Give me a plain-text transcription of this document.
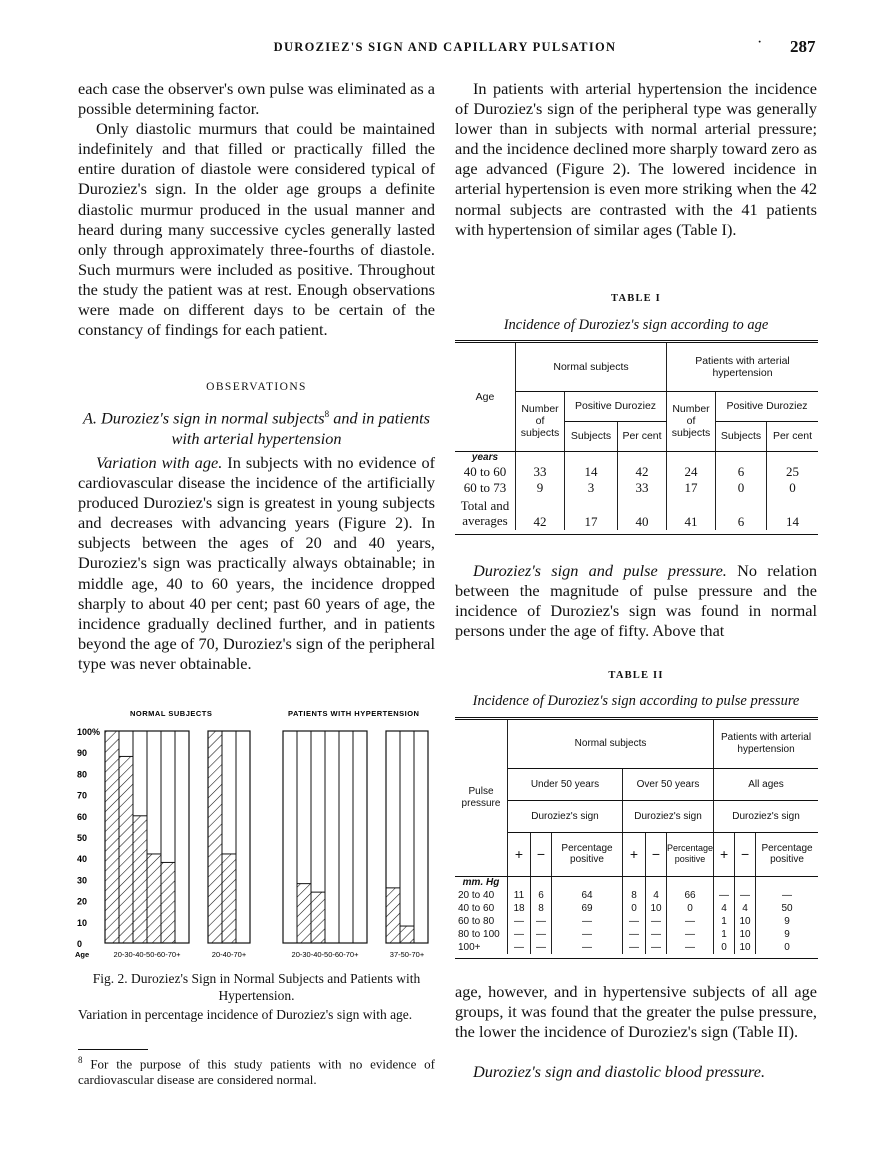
DUROZIEZ'S SIGN AND CAPILLARY PULSATION	· 287

each case the observer's own pulse was eliminated as a possible determining factor.

Only diastolic murmurs that could be maintained indefinitely and that filled or practically filled the entire duration of diastole were considered typical of Duroziez's sign. In the older age groups a definite diastolic murmur produced in the usual manner and heard during many successive cycles generally lasted only through approximately three-fourths of diastole. Such murmurs were included as positive. Throughout the study the patient was at rest. Enough observations were made on different days to be certain of the constancy of findings for each patient.

OBSERVATIONS
A. Duroziez's sign in normal subjects$^8$ and in patients with arterial hypertension

Variation with age. In subjects with no evidence of cardiovascular disease the incidence of the artificially produced Duroziez's sign is greatest in young subjects and decreases with advancing years (Figure 2). In subjects between the ages of 20 and 40 years, Duroziez's sign was practically always obtainable; in middle age, 40 to 60 years, the incidence dropped sharply to about 40 per cent; past 60 years of age, the incidence gradually declined further, and in patients beyond the age of 70, Duroziez's sign of the peripheral type was never obtainable.

100%
90
80
70
60
50
40
30
20
10
0
NORMAL SUBJECTS
20-30-40-50-60-70+	20-40-70+
PATIENTS WITH HYPERTENSION
20-30-40-50-60-70+	37-50-70+
Age
Fig. 2. Duroziez's Sign in Normal Subjects and Patients with Hypertension.
Variation in percentage incidence of Duroziez's sign with age.
$^8$ For the purpose of this study patients with no evidence of cardiovascular disease are considered normal.

In patients with arterial hypertension the incidence of Duroziez's sign of the peripheral type was generally lower than in subjects with normal arterial pressure; and the incidence declined more sharply toward zero as age advanced (Figure 2). The lowered incidence in arterial hypertension is even more striking when the 42 normal subjects are contrasted with the 41 patients with hypertension of similar ages (Table I).

TABLE I
Incidence of Duroziez's sign according to age
Age	Normal subjects			Patients with arterial hypertension		
	Number of subjects	Positive Duroziez		Number of subjects	Positive Duroziez	
		Subjects	Per cent		Subjects	Per cent
years						
40 to 60	33	14	42	24	6	25
60 to 73	9	3	33	17	0	0
Total and averages	42	17	40	41	6	14

Duroziez's sign and pulse pressure. No relation between the magnitude of pulse pressure and the incidence of Duroziez's sign was found in normal persons under the age of fifty. Above that

TABLE II
Incidence of Duroziez's sign according to pulse pressure
Pulse pressure	Normal subjects						Patients with arterial hypertension		
	Under 50 years			Over 50 years			All ages		
	Duroziez's sign			Duroziez's sign			Duroziez's sign		
	+	−	Percentage positive	+	−	Percentage positive	+	−	Percentage positive
mm. Hg									
20 to 40	11	6	64	8	4	66	—	—	—
40 to 60	18	8	69	0	10	0	4	4	50
60 to 80	—	—	—	—	—	—	1	10	9
80 to 100	—	—	—	—	—	—	1	10	9
100+	—	—	—	—	—	—	0	10	0
age, however, and in hypertensive subjects of all age groups, it was found that the greater the pulse pressure, the lower the incidence of Duroziez's sign (Table II).

Duroziez's sign and diastolic blood pressure.
